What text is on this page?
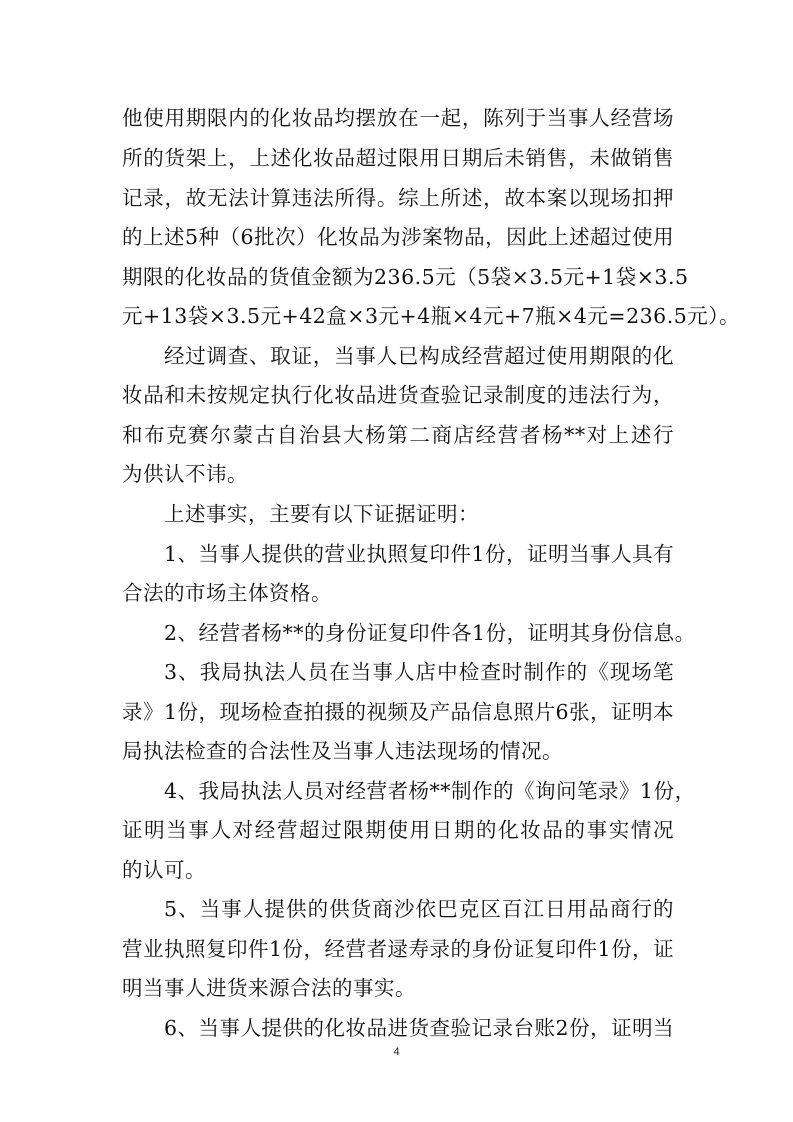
他使用期限内的化妆品均摆放在一起，陈列于当事人经营场
所的货架上，上述化妆品超过限用日期后未销售，未做销售
记录，故无法计算违法所得。综上所述，故本案以现场扣押
的上述5种（6批次）化妆品为涉案物品，因此上述超过使用
期限的化妆品的货值金额为236.5元（5袋×3.5元+1袋×3.5
元+13袋×3.5元+42盒×3元+4瓶×4元+7瓶×4元=236.5元）。
经过调查、取证，当事人已构成经营超过使用期限的化
妆品和未按规定执行化妆品进货查验记录制度的违法行为，
和布克赛尔蒙古自治县大杨第二商店经营者杨**对上述行
为供认不讳。
上述事实，主要有以下证据证明：
1、当事人提供的营业执照复印件1份，证明当事人具有
合法的市场主体资格。
2、经营者杨**的身份证复印件各1份，证明其身份信息。
3、我局执法人员在当事人店中检查时制作的《现场笔
录》1份，现场检查拍摄的视频及产品信息照片6张，证明本
局执法检查的合法性及当事人违法现场的情况。
4、我局执法人员对经营者杨**制作的《询问笔录》1份，
证明当事人对经营超过限期使用日期的化妆品的事实情况
的认可。
5、当事人提供的供货商沙依巴克区百江日用品商行的
营业执照复印件1份，经营者逯寿录的身份证复印件1份，证
明当事人进货来源合法的事实。
6、当事人提供的化妆品进货查验记录台账2份，证明当
4
